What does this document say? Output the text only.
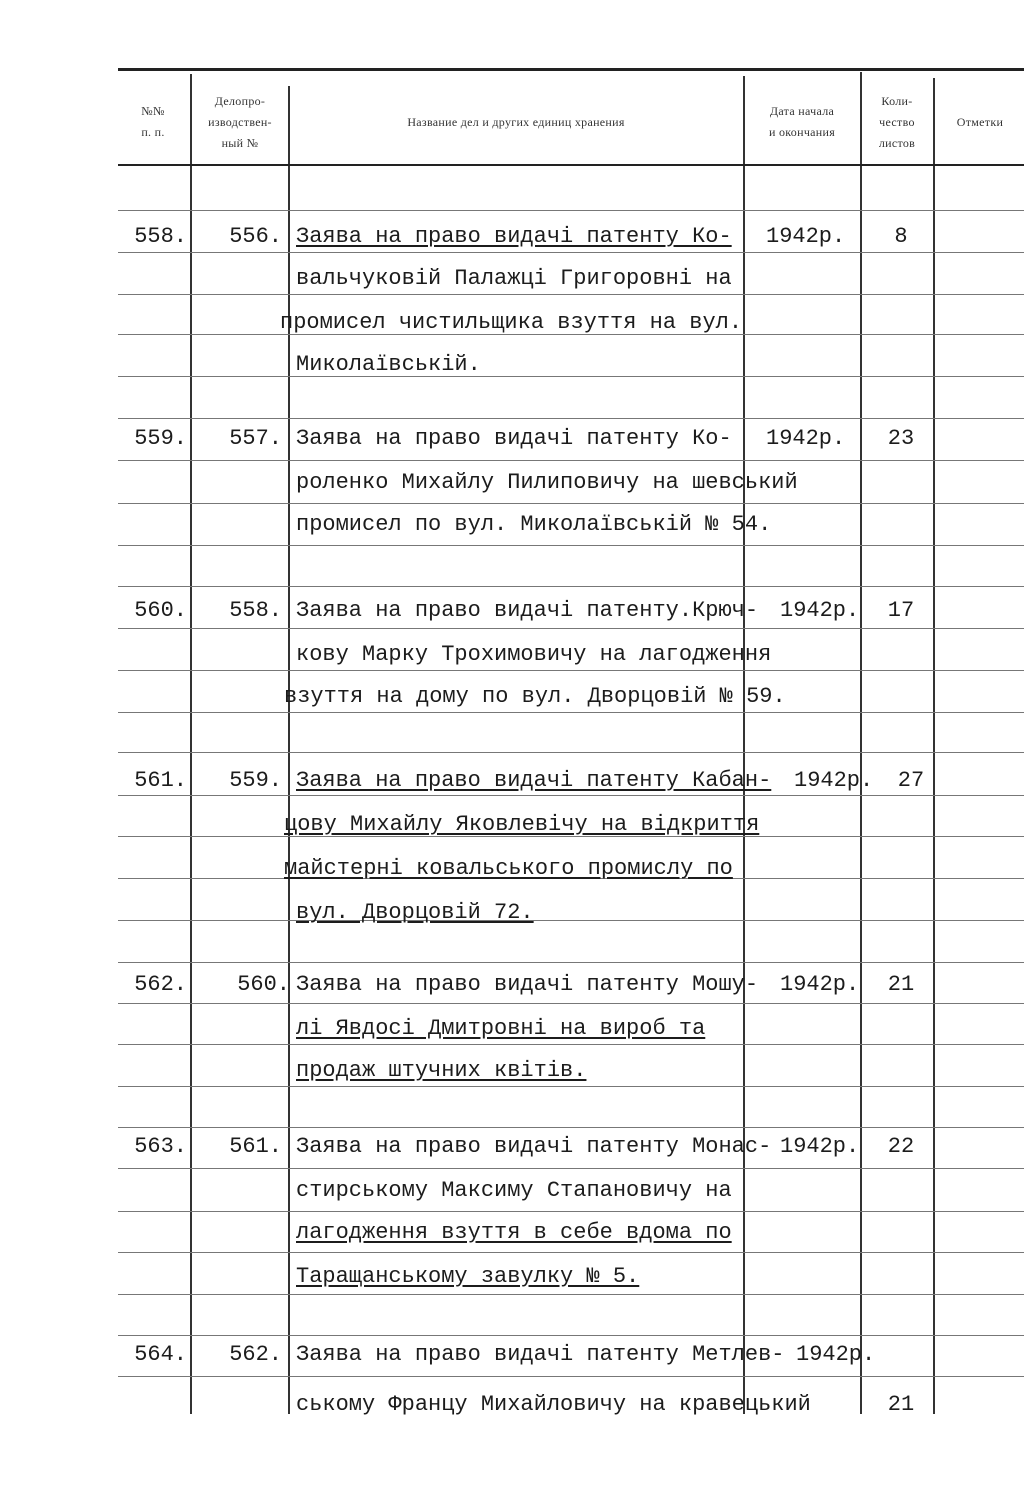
№№
п. п.
Делопро-
изводствен-
ный №
Название дел и других единиц хранения
Дата начала
и окончания
Коли-
чество
листов
Отметки
558. 556. Заява на право видачі патенту Ко-
вальчуковій Палажці Григоровні на
промисел чистильщика взуття на вул.
Миколаївській.
1942р.	8
559. 557. Заява на право видачі патенту Ко-
роленко Михайлу Пилиповичу на шевський
промисел по вул. Миколаївській № 54.
1942р. 23
560. 558. Заява на право видачі патенту.Крюч-
кову Марку Трохимовичу на лагодження
взуття на дому по вул. Дворцовій № 59.
1942р. 17
561. 559. Заява на право видачі патенту Кабан-
цову Михайлу Яковлевічу на відкриття
майстерні ковальського промислу по
вул. Дворцовій 72.
1942р. 27
562. 560. Заява на право видачі патенту Мошу-
лі Явдосі Дмитровні на вироб та
продаж штучних квітів.
1942р. 21
563. 561. Заява на право видачі патенту Монас-
стирському Максиму Стапановичу на
лагодження взуття в себе вдома по
Таращанському завулку № 5.
1942р. 22
564. 562. Заява на право видачі патенту Метлев-
ському Францу Михайловичу на кравецький
1942р.
21
